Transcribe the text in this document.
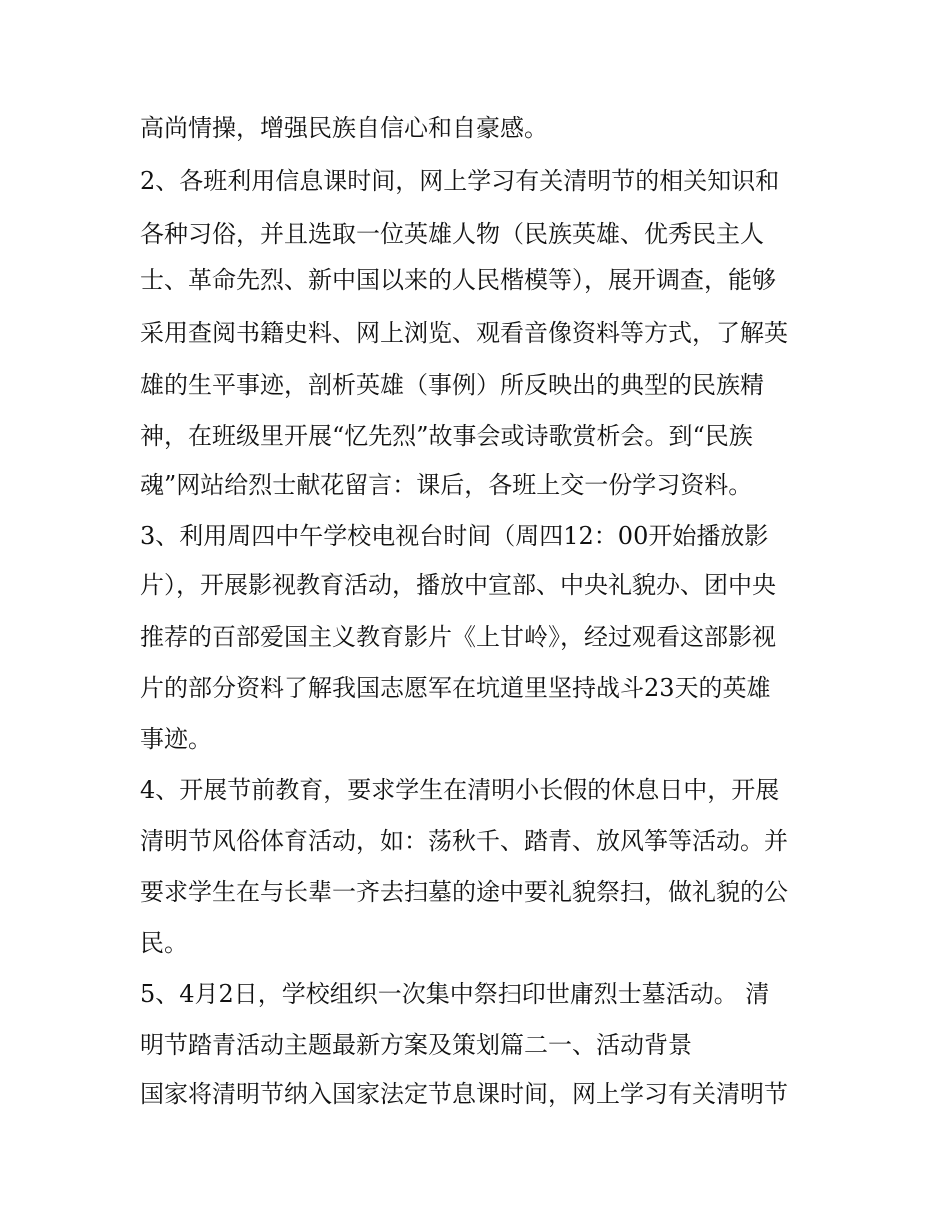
高尚情操，增强民族自信心和自豪感。
2、各班利用信息课时间，网上学习有关清明节的相关知识和
各种习俗，并且选取一位英雄人物（民族英雄、优秀民主人
士、革命先烈、新中国以来的人民楷模等），展开调查，能够
采用查阅书籍史料、网上浏览、观看音像资料等方式，了解英
雄的生平事迹，剖析英雄（事例）所反映出的典型的民族精
神，在班级里开展“忆先烈”故事会或诗歌赏析会。到“民族
魂”网站给烈士献花留言：课后，各班上交一份学习资料。
3、利用周四中午学校电视台时间（周四12：00开始播放影
片），开展影视教育活动，播放中宣部、中央礼貌办、团中央
推荐的百部爱国主义教育影片《上甘岭》，经过观看这部影视
片的部分资料了解我国志愿军在坑道里坚持战斗23天的英雄
事迹。
4、开展节前教育，要求学生在清明小长假的休息日中，开展
清明节风俗体育活动，如：荡秋千、踏青、放风筝等活动。并
要求学生在与长辈一齐去扫墓的途中要礼貌祭扫，做礼貌的公
民。
5、4月2日，学校组织一次集中祭扫印世庸烈士墓活动。 清
明节踏青活动主题最新方案及策划篇二一、活动背景
国家将清明节纳入国家法定节息课时间，网上学习有关清明节
